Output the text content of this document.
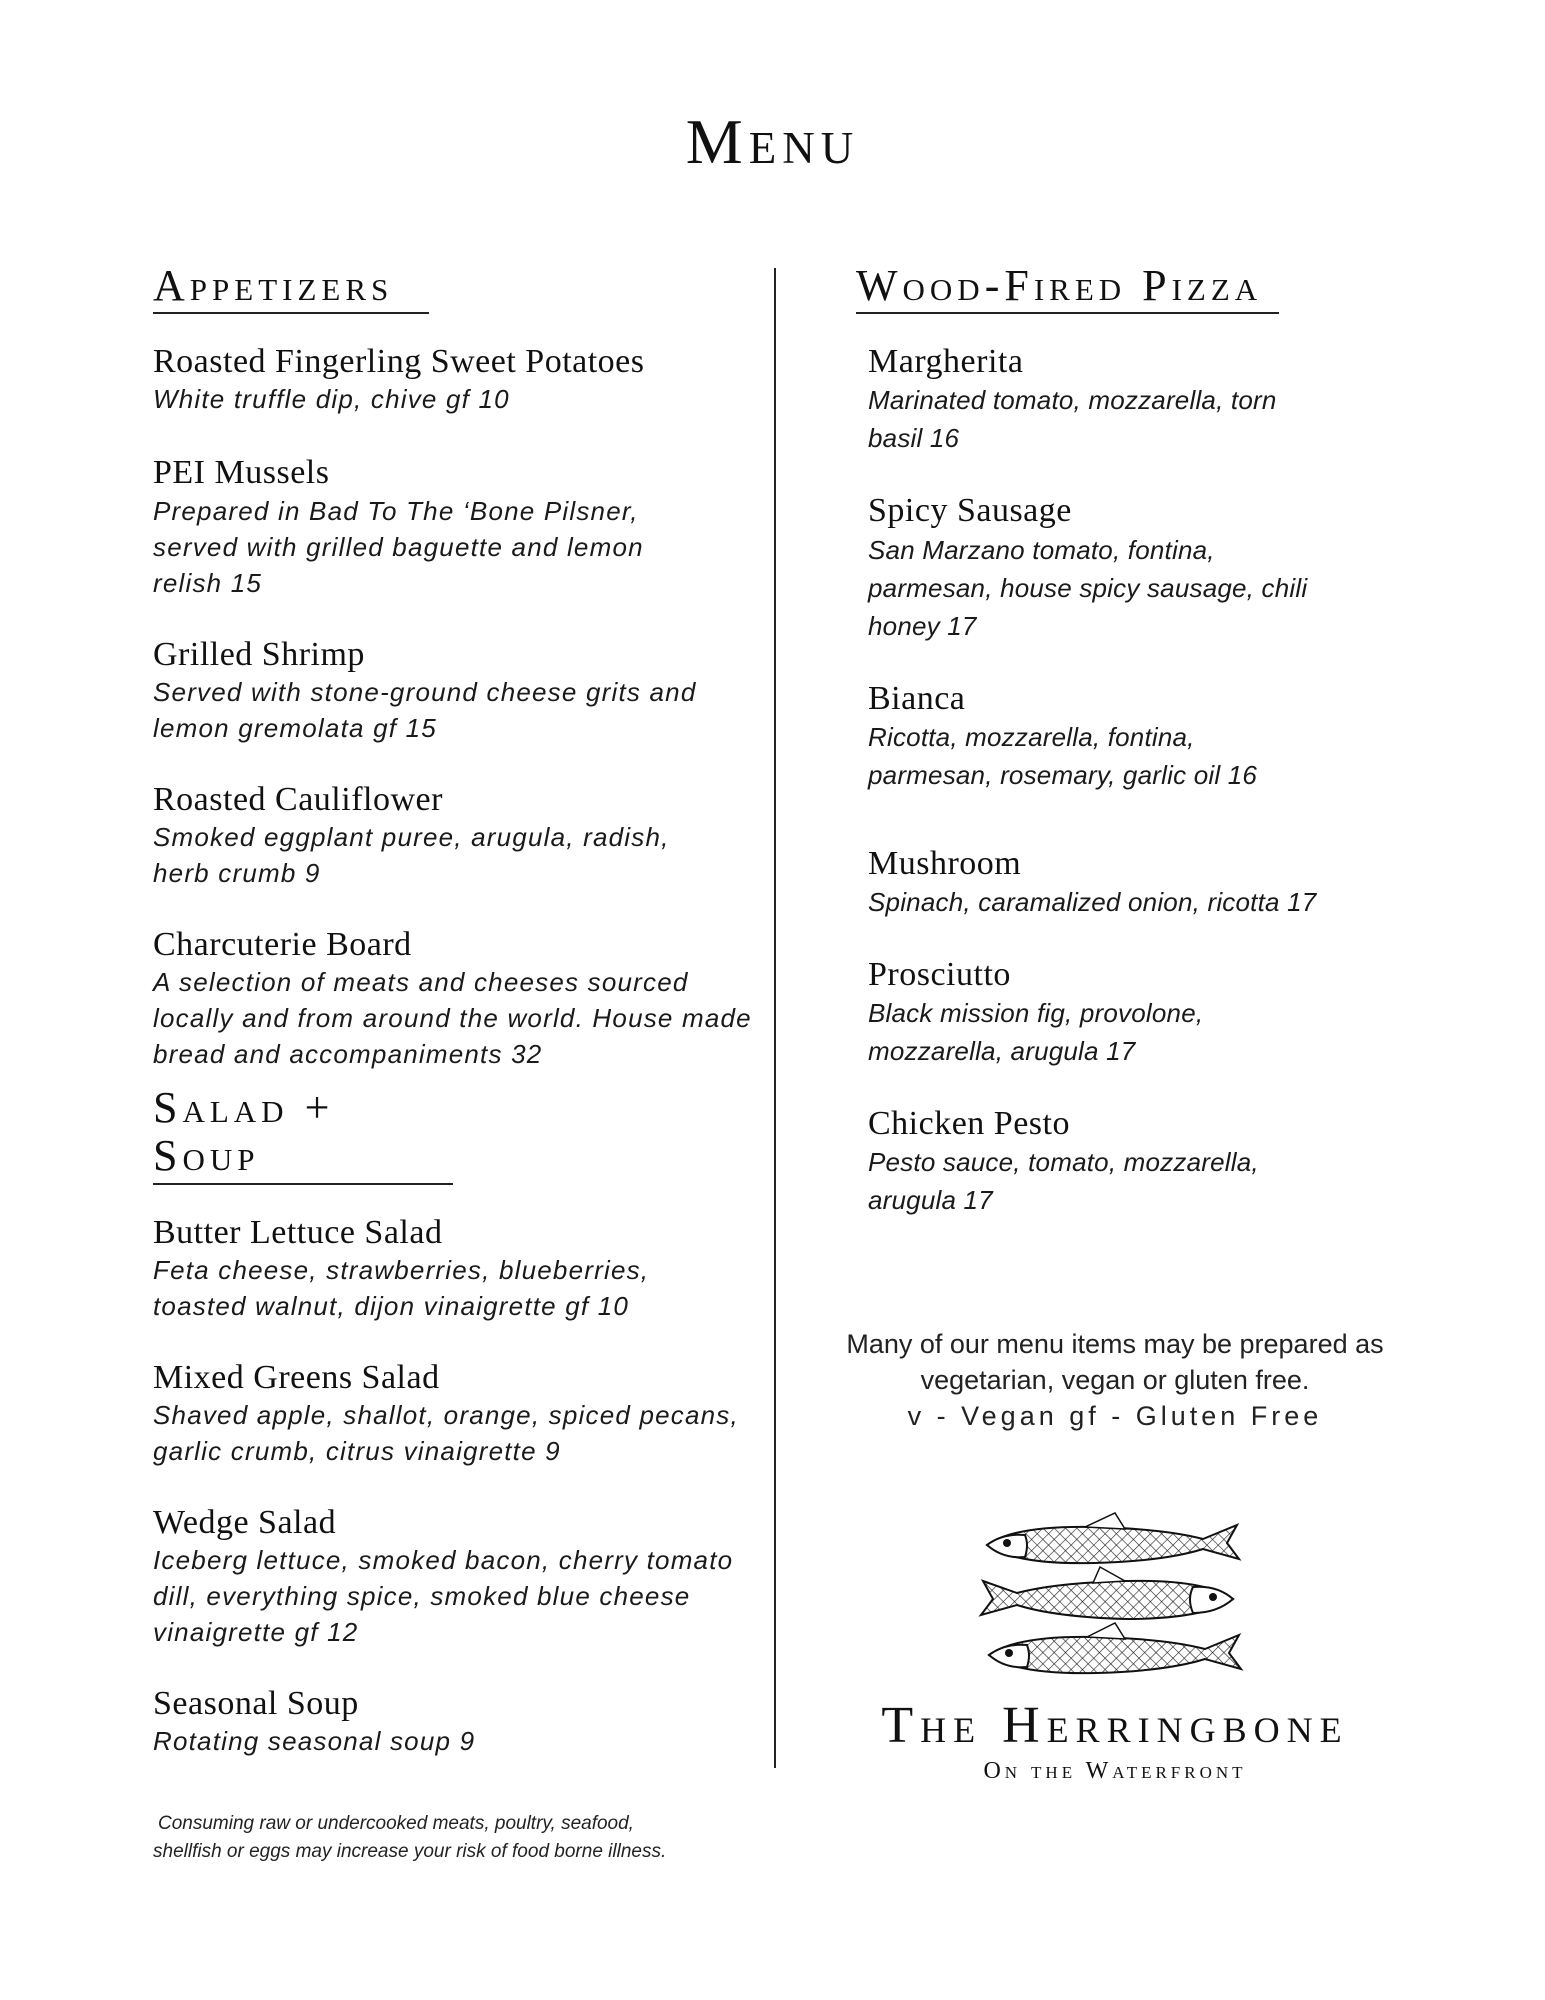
Menu
Appetizers
Roasted Fingerling Sweet Potatoes
White truffle dip, chive gf 10
PEI Mussels
Prepared in Bad To The ‘Bone Pilsner, served with grilled baguette and lemon relish 15
Grilled Shrimp
Served with stone-ground cheese grits and lemon gremolata gf 15
Roasted Cauliflower
Smoked eggplant puree, arugula, radish, herb crumb 9
Charcuterie Board
A selection of meats and cheeses sourced locally and from around the world. House made bread and accompaniments 32
Salad + Soup
Butter Lettuce Salad
Feta cheese, strawberries, blueberries, toasted walnut, dijon vinaigrette gf 10
Mixed Greens Salad
Shaved apple, shallot, orange, spiced pecans, garlic crumb, citrus vinaigrette 9
Wedge Salad
Iceberg lettuce, smoked bacon, cherry tomato dill, everything spice, smoked blue cheese vinaigrette gf 12
Seasonal Soup
Rotating seasonal soup 9
Wood-Fired Pizza
Margherita
Marinated tomato, mozzarella, torn basil 16
Spicy Sausage
San Marzano tomato, fontina, parmesan, house spicy sausage, chili honey 17
Bianca
Ricotta, mozzarella, fontina, parmesan, rosemary, garlic oil 16
Mushroom
Spinach, caramalized onion, ricotta 17
Prosciutto
Black mission fig, provolone, mozzarella, arugula 17
Chicken Pesto
Pesto sauce, tomato, mozzarella, arugula 17
Many of our menu items may be prepared as
vegetarian, vegan or gluten free.
v - Vegan gf - Gluten Free
The Herringbone
On the Waterfront
Consuming raw or undercooked meats, poultry, seafood,
shellfish or eggs may increase your risk of food borne illness.
